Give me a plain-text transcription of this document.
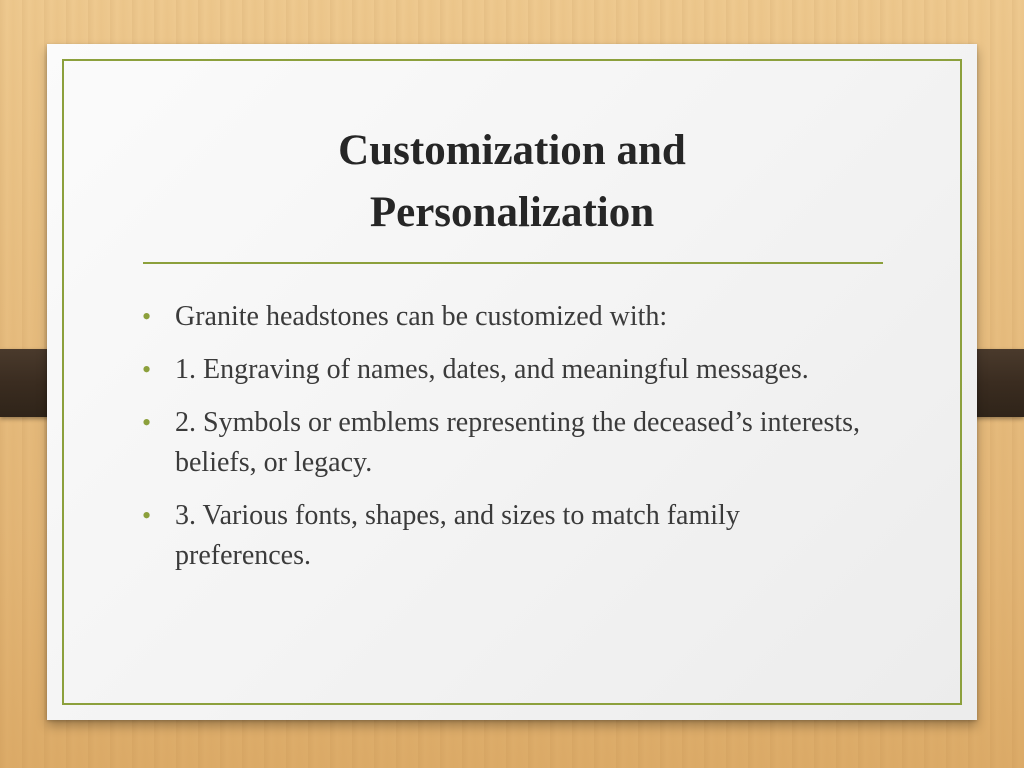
Customization and
Personalization
• Granite headstones can be customized with:
• 1. Engraving of names, dates, and meaningful messages.
• 2. Symbols or emblems representing the deceased’s interests, beliefs, or legacy.
• 3. Various fonts, shapes, and sizes to match family preferences.
